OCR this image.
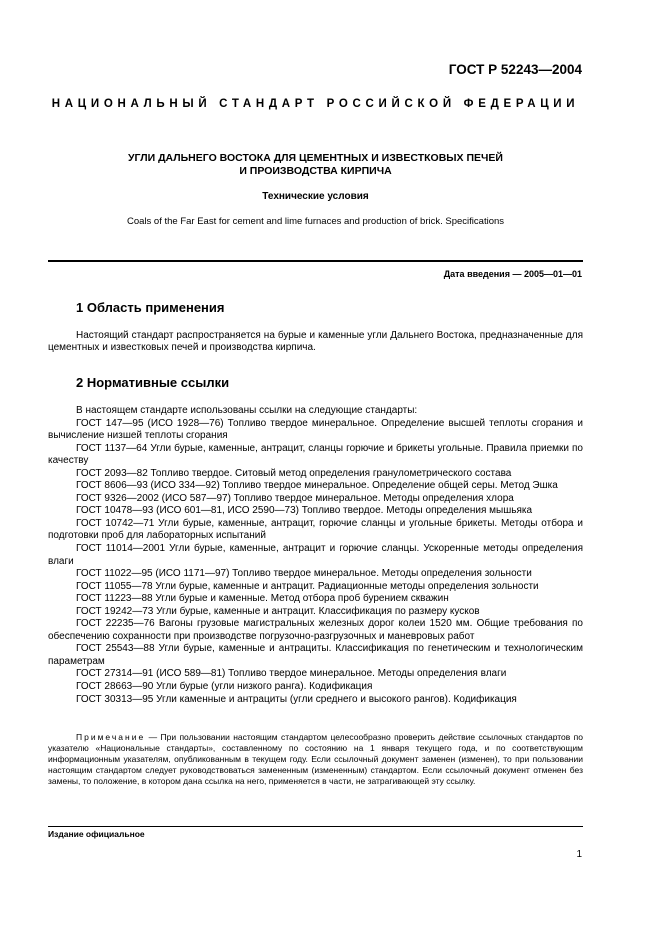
ГОСТ Р 52243—2004
НАЦИОНАЛЬНЫЙ СТАНДАРТ РОССИЙСКОЙ ФЕДЕРАЦИИ
УГЛИ ДАЛЬНЕГО ВОСТОКА ДЛЯ ЦЕМЕНТНЫХ И ИЗВЕСТКОВЫХ ПЕЧЕЙ
И ПРОИЗВОДСТВА КИРПИЧА
Технические условия
Coals of the Far East for cement and lime furnaces and production of brick. Specifications
Дата введения — 2005—01—01
1 Область применения
Настоящий стандарт распространяется на бурые и каменные угли Дальнего Востока, предназначенные для цементных и известковых печей и производства кирпича.
2 Нормативные ссылки
В настоящем стандарте использованы ссылки на следующие стандарты:
ГОСТ 147—95 (ИСО 1928—76) Топливо твердое минеральное. Определение высшей теплоты сгорания и вычисление низшей теплоты сгорания
ГОСТ 1137—64 Угли бурые, каменные, антрацит, сланцы горючие и брикеты угольные. Правила приемки по качеству
ГОСТ 2093—82 Топливо твердое. Ситовый метод определения гранулометрического состава
ГОСТ 8606—93 (ИСО 334—92) Топливо твердое минеральное. Определение общей серы. Метод Эшка
ГОСТ 9326—2002 (ИСО 587—97) Топливо твердое минеральное. Методы определения хлора
ГОСТ 10478—93 (ИСО 601—81, ИСО 2590—73) Топливо твердое. Методы определения мышьяка
ГОСТ 10742—71 Угли бурые, каменные, антрацит, горючие сланцы и угольные брикеты. Методы отбора и подготовки проб для лабораторных испытаний
ГОСТ 11014—2001 Угли бурые, каменные, антрацит и горючие сланцы. Ускоренные методы определения влаги
ГОСТ 11022—95 (ИСО 1171—97) Топливо твердое минеральное. Методы определения зольности
ГОСТ 11055—78 Угли бурые, каменные и антрацит. Радиационные методы определения зольности
ГОСТ 11223—88 Угли бурые и каменные. Метод отбора проб бурением скважин
ГОСТ 19242—73 Угли бурые, каменные и антрацит. Классификация по размеру кусков
ГОСТ 22235—76 Вагоны грузовые магистральных железных дорог колеи 1520 мм. Общие требования по обеспечению сохранности при производстве погрузочно-разгрузочных и маневровых работ
ГОСТ 25543—88 Угли бурые, каменные и антрациты. Классификация по генетическим и технологическим параметрам
ГОСТ 27314—91 (ИСО 589—81) Топливо твердое минеральное. Методы определения влаги
ГОСТ 28663—90 Угли бурые (угли низкого ранга). Кодификация
ГОСТ 30313—95 Угли каменные и антрациты (угли среднего и высокого рангов). Кодификация
Примечание — При пользовании настоящим стандартом целесообразно проверить действие ссылочных стандартов по указателю «Национальные стандарты», составленному по состоянию на 1 января текущего года, и по соответствующим информационным указателям, опубликованным в текущем году. Если ссылочный документ заменен (изменен), то при пользовании настоящим стандартом следует руководствоваться замененным (измененным) стандартом. Если ссылочный документ отменен без замены, то положение, в котором дана ссылка на него, применяется в части, не затрагивающей эту ссылку.
Издание официальное
1
